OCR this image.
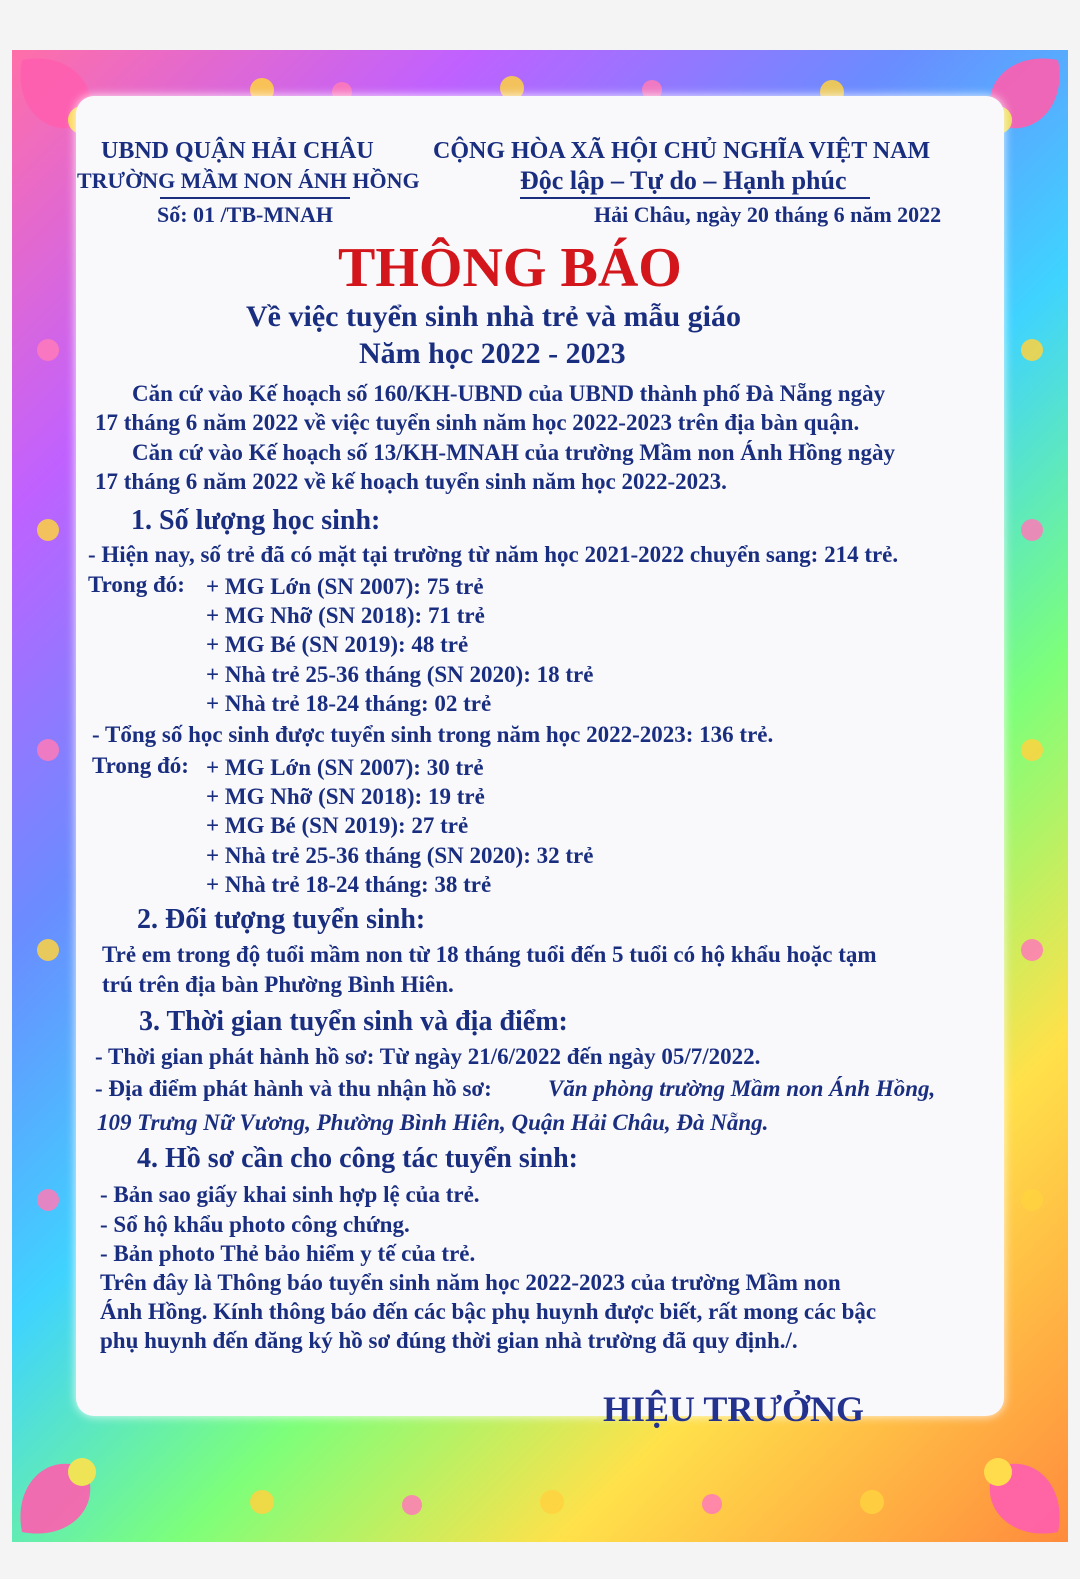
UBND QUẬN HẢI CHÂU
TRƯỜNG MẦM NON ÁNH HỒNG
Số: 01 /TB-MNAH
CỘNG HÒA XÃ HỘI CHỦ NGHĨA VIỆT NAM
Độc lập – Tự do – Hạnh phúc
Hải Châu, ngày 20 tháng 6 năm 2022
THÔNG BÁO
Về việc tuyển sinh nhà trẻ và mẫu giáo
Năm học 2022 - 2023
Căn cứ vào Kế hoạch số 160/KH-UBND của UBND thành phố Đà Nẵng ngày
17 tháng 6 năm 2022 về việc tuyển sinh năm học 2022-2023 trên địa bàn quận.
Căn cứ vào Kế hoạch số 13/KH-MNAH của trường Mầm non Ánh Hồng ngày
17 tháng 6 năm 2022 về kế hoạch tuyển sinh năm học 2022-2023.
1. Số lượng học sinh:
- Hiện nay, số trẻ đã có mặt tại trường từ năm học 2021-2022 chuyển sang: 214 trẻ.
Trong đó: + MG Lớn (SN 2007): 75 trẻ
+ MG Nhỡ (SN 2018): 71 trẻ
+ MG Bé (SN 2019): 48 trẻ
+ Nhà trẻ 25-36 tháng (SN 2020): 18 trẻ
+ Nhà trẻ 18-24 tháng: 02 trẻ
- Tổng số học sinh được tuyển sinh trong năm học 2022-2023: 136 trẻ.
Trong đó: + MG Lớn (SN 2007): 30 trẻ
+ MG Nhỡ (SN 2018): 19 trẻ
+ MG Bé (SN 2019): 27 trẻ
+ Nhà trẻ 25-36 tháng (SN 2020): 32 trẻ
+ Nhà trẻ 18-24 tháng: 38 trẻ
2. Đối tượng tuyển sinh:
Trẻ em trong độ tuổi mầm non từ 18 tháng tuổi đến 5 tuổi có hộ khẩu hoặc tạm
trú trên địa bàn Phường Bình Hiên.
3. Thời gian tuyển sinh và địa điểm:
- Thời gian phát hành hồ sơ: Từ ngày 21/6/2022 đến ngày 05/7/2022.
- Địa điểm phát hành và thu nhận hồ sơ: Văn phòng trường Mầm non Ánh Hồng,
109 Trưng Nữ Vương, Phường Bình Hiên, Quận Hải Châu, Đà Nẵng.
4. Hồ sơ cần cho công tác tuyển sinh:
- Bản sao giấy khai sinh hợp lệ của trẻ.
- Sổ hộ khẩu photo công chứng.
- Bản photo Thẻ bảo hiểm y tế của trẻ.
Trên đây là Thông báo tuyển sinh năm học 2022-2023 của trường Mầm non
Ánh Hồng. Kính thông báo đến các bậc phụ huynh được biết, rất mong các bậc
phụ huynh đến đăng ký hồ sơ đúng thời gian nhà trường đã quy định./.
HIỆU TRƯỞNG
